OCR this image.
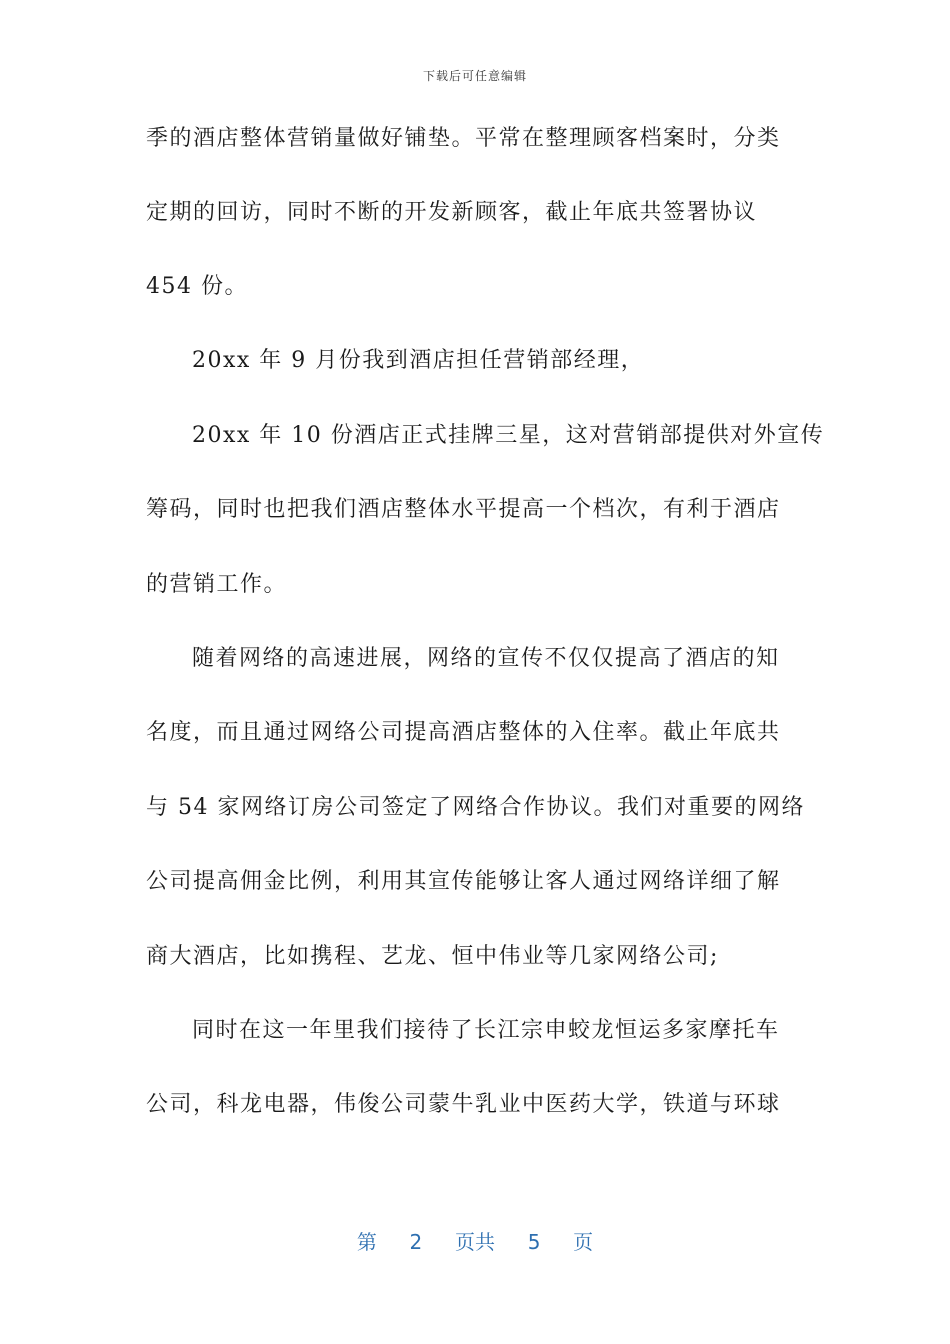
下载后可任意编辑
季的酒店整体营销量做好铺垫。平常在整理顾客档案时，分类
定期的回访，同时不断的开发新顾客，截止年底共签署协议
454 份。
20xx 年 9 月份我到酒店担任营销部经理，
20xx 年 10 份酒店正式挂牌三星，这对营销部提供对外宣传
筹码，同时也把我们酒店整体水平提高一个档次，有利于酒店
的营销工作。
随着网络的高速进展，网络的宣传不仅仅提高了酒店的知
名度，而且通过网络公司提高酒店整体的入住率。截止年底共
与 54 家网络订房公司签定了网络合作协议。我们对重要的网络
公司提高佣金比例，利用其宣传能够让客人通过网络详细了解
商大酒店，比如携程、艺龙、恒中伟业等几家网络公司;
同时在这一年里我们接待了长江宗申蛟龙恒运多家摩托车
公司，科龙电器，伟俊公司蒙牛乳业中医药大学，铁道与环球
第 2 页共 5 页
